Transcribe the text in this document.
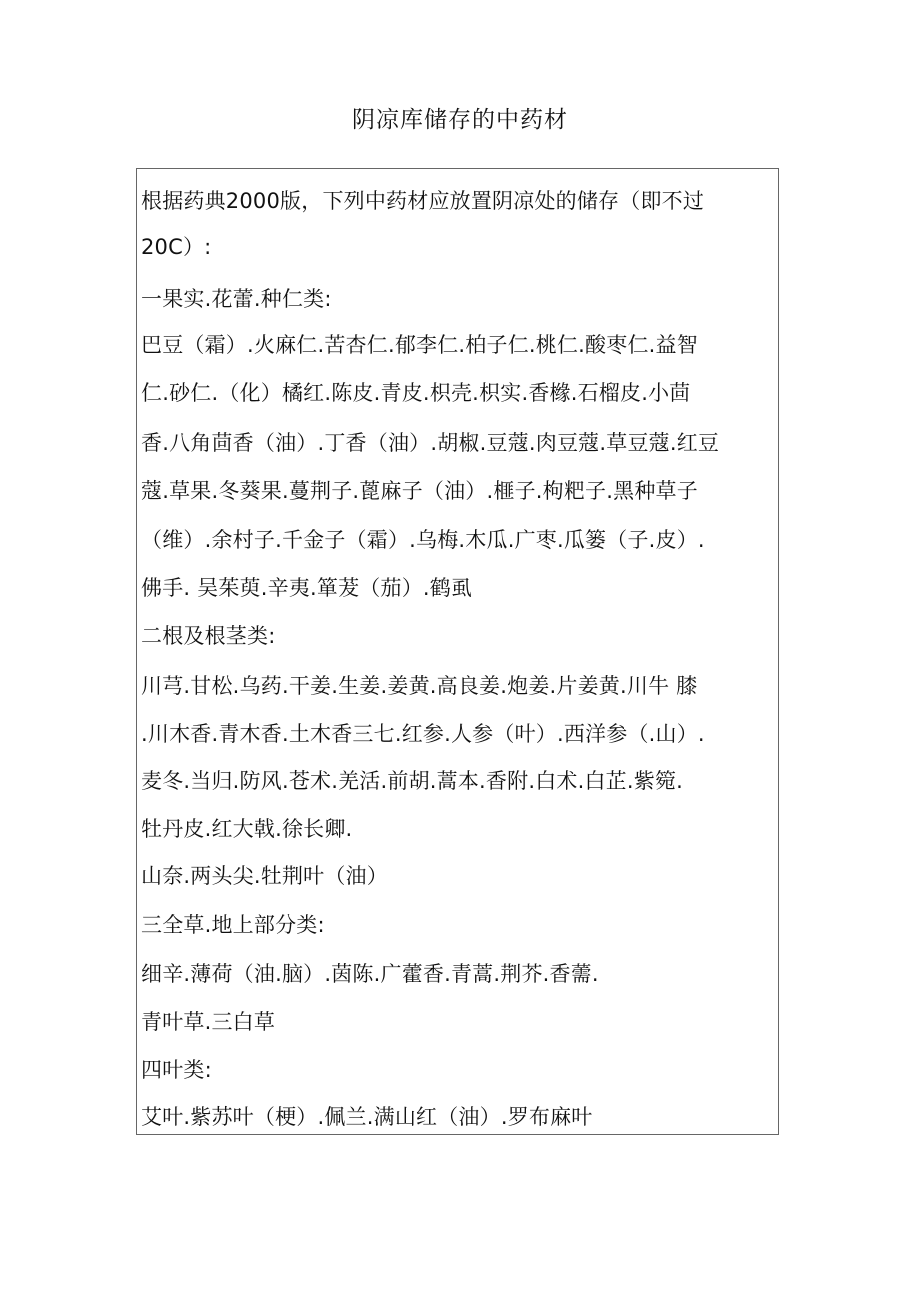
阴凉库储存的中药材
根据药典2000版，下列中药材应放置阴凉处的储存（即不过
20C）:
一果实.花蕾.种仁类:
巴豆（霜）.火麻仁.苦杏仁.郁李仁.柏子仁.桃仁.酸枣仁.益智
仁.砂仁.（化）橘红.陈皮.青皮.枳壳.枳实.香橼.石榴皮.小茴
香.八角茴香（油）.丁香（油）.胡椒.豆蔻.肉豆蔻.草豆蔻.红豆
蔻.草果.冬葵果.蔓荆子.蓖麻子（油）.榧子.枸粑子.黑种草子
（维）.余村子.千金子（霜）.乌梅.木瓜.广枣.瓜篓（子.皮）.
佛手. 吴茱萸.辛夷.箪茇（茄）.鹤虱
二根及根茎类:
川芎.甘松.乌药.干姜.生姜.姜黄.高良姜.炮姜.片姜黄.川牛 膝
.川木香.青木香.土木香三七.红参.人参（叶）.西洋参（.山）.
麦冬.当归.防风.苍术.羌活.前胡.蒿本.香附.白术.白芷.紫箢.
牡丹皮.红大戟.徐长卿.
山奈.两头尖.牡荆叶（油）
三全草.地上部分类:
细辛.薄荷（油.脑）.茵陈.广藿香.青蒿.荆芥.香薷.
青叶草.三白草
四叶类:
艾叶.紫苏叶（梗）.佩兰.满山红（油）.罗布麻叶
